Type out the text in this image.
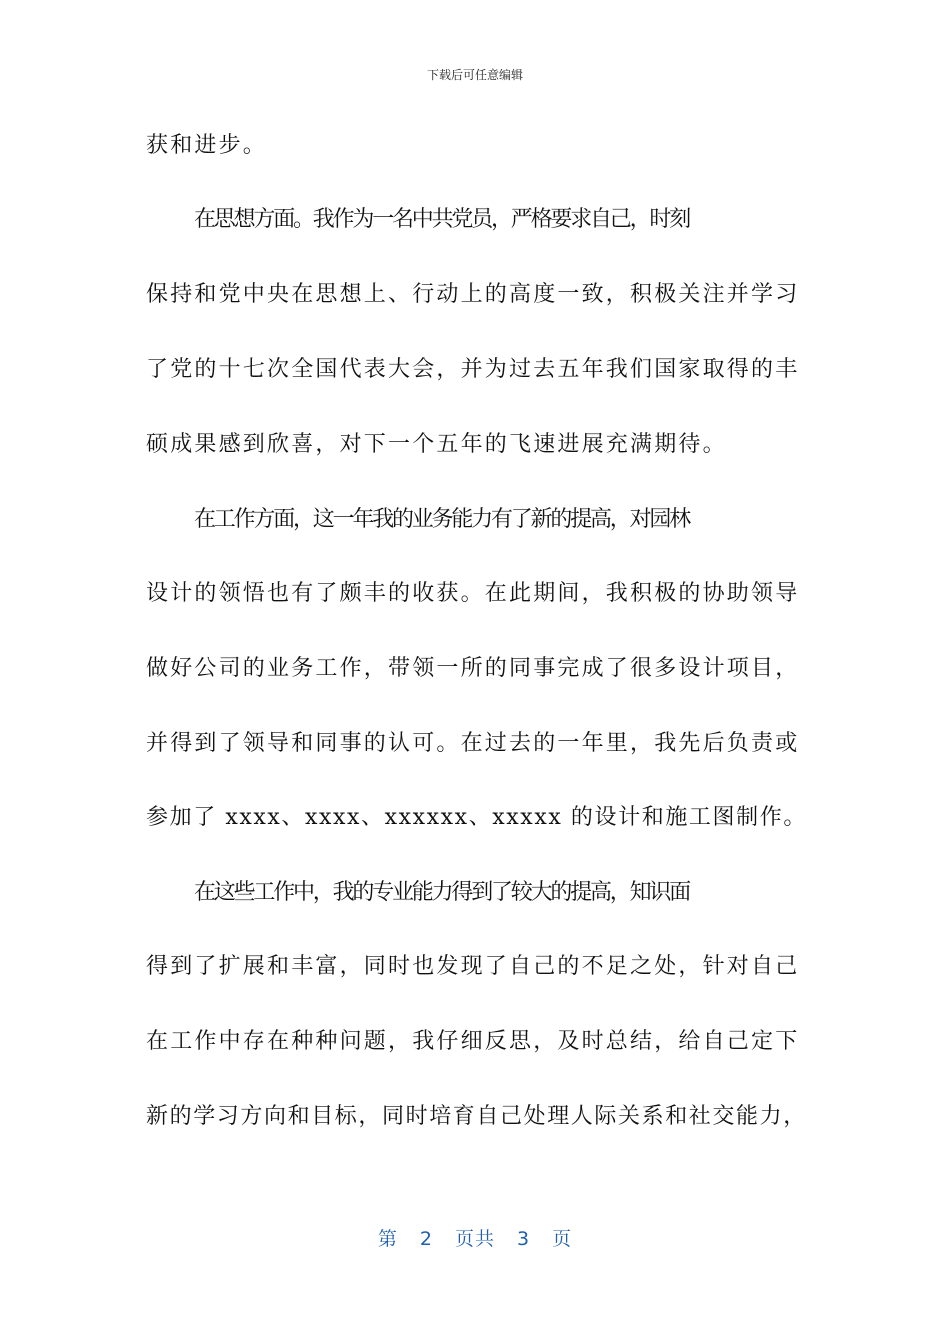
下载后可任意编辑
获和进步。
在思想方面。我作为一名中共党员，严格要求自己，时刻
保持和党中央在思想上、行动上的高度一致，积极关注并学习
了党的十七次全国代表大会，并为过去五年我们国家取得的丰
硕成果感到欣喜，对下一个五年的飞速进展充满期待。
在工作方面，这一年我的业务能力有了新的提高，对园林
设计的领悟也有了颇丰的收获。在此期间，我积极的协助领导
做好公司的业务工作，带领一所的同事完成了很多设计项目，
并得到了领导和同事的认可。在过去的一年里，我先后负责或
参加了 xxxx、xxxx、xxxxxx、xxxxx 的设计和施工图制作。
在这些工作中，我的专业能力得到了较大的提高，知识面
得到了扩展和丰富，同时也发现了自己的不足之处，针对自己
在工作中存在种种问题，我仔细反思，及时总结，给自己定下
新的学习方向和目标，同时培育自己处理人际关系和社交能力，
第 2 页共 3 页
